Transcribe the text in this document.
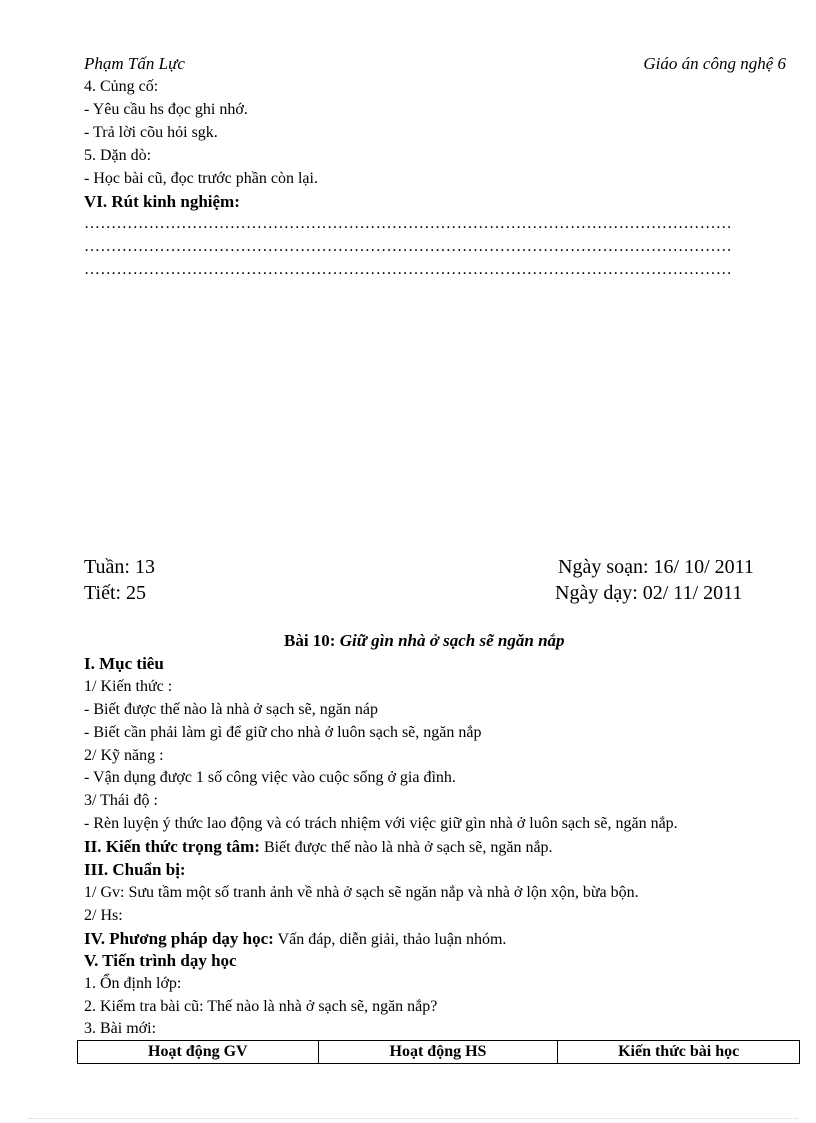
Phạm Tấn Lực	Giáo án công nghệ 6
4. Củng cố:
- Yêu cầu hs đọc ghi nhớ.
- Trả lời cõu hỏi sgk.
5. Dặn dò:
- Học bài cũ, đọc trước phần còn lại.
VI. Rút kinh nghiệm:
…………………………………………………………………………………………………………
…………………………………………………………………………………………………………
…………………………………………………………………………………………………………
Tuần: 13
Tiết: 25
Ngày soạn: 16/ 10/ 2011
Ngày dạy: 02/ 11/ 2011
Bài 10: Giữ gìn nhà ở sạch sẽ ngăn nắp
I. Mục tiêu
1/ Kiến thức :
- Biết được thế nào là nhà ở sạch sẽ, ngăn náp
- Biết cần phải làm gì để giữ cho nhà ở luôn sạch sẽ, ngăn nắp
2/ Kỹ năng :
- Vận dụng được 1 số công việc vào cuộc sống ở gia đình.
3/ Thái độ :
- Rèn luyện ý thức lao động và có trách nhiệm với việc giữ gìn nhà ở luôn sạch sẽ, ngăn nắp.
II. Kiến thức trọng tâm: Biết được thế nào là nhà ở sạch sẽ, ngăn nắp.
III. Chuẩn bị:
1/ Gv: Sưu tầm một số tranh ảnh về nhà ở sạch sẽ ngăn nắp và nhà ở lộn xộn, bừa bộn.
2/ Hs:
IV. Phương pháp dạy học: Vấn đáp, diễn giải, thảo luận nhóm.
V. Tiến trình dạy học
1. Ổn định lớp:
2. Kiểm tra bài cũ: Thế nào là nhà ở sạch sẽ, ngăn nắp?
3. Bài mới:
Hoạt động GV	Hoạt động HS	Kiến thức bài học
